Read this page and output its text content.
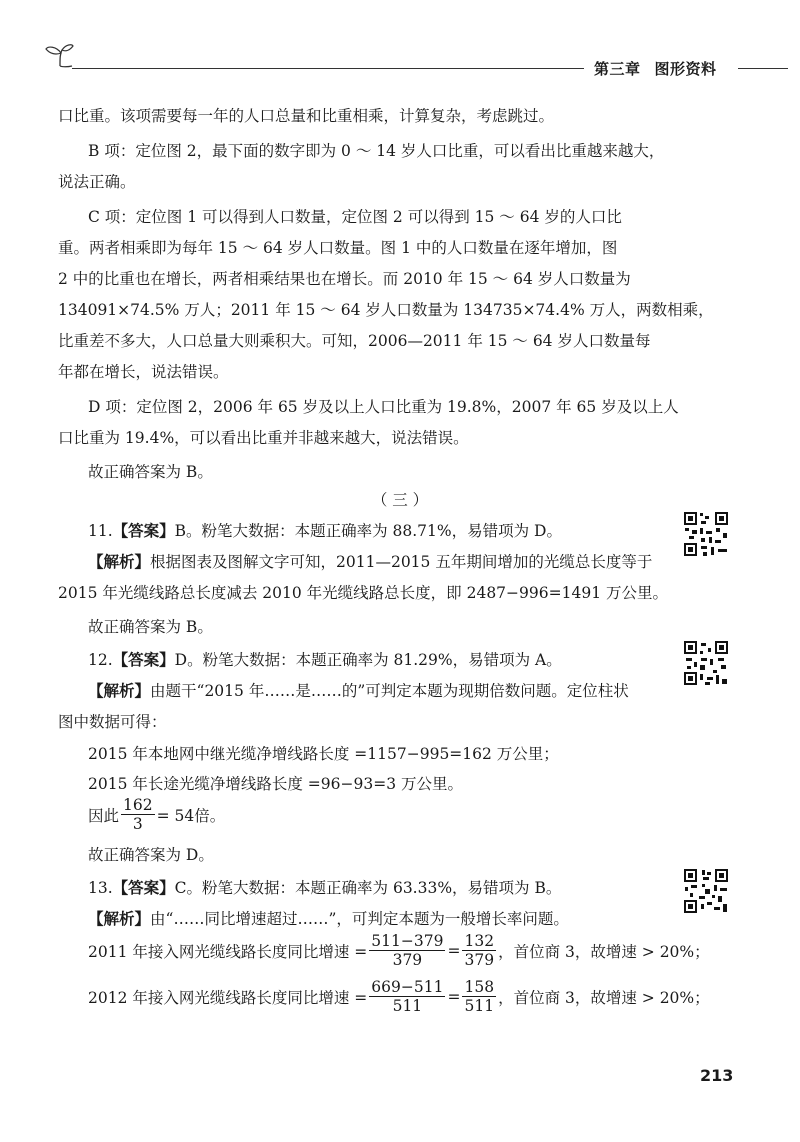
第三章 图形资料
口比重。该项需要每一年的人口总量和比重相乘，计算复杂，考虑跳过。
B 项：定位图 2，最下面的数字即为 0 ～ 14 岁人口比重，可以看出比重越来越大，
说法正确。
C 项：定位图 1 可以得到人口数量，定位图 2 可以得到 15 ～ 64 岁的人口比
重。两者相乘即为每年 15 ～ 64 岁人口数量。图 1 中的人口数量在逐年增加，图
2 中的比重也在增长，两者相乘结果也在增长。而 2010 年 15 ～ 64 岁人口数量为
134091×74.5% 万人；2011 年 15 ～ 64 岁人口数量为 134735×74.4% 万人，两数相乘，
比重差不多大，人口总量大则乘积大。可知，2006—2011 年 15 ～ 64 岁人口数量每
年都在增长，说法错误。
D 项：定位图 2，2006 年 65 岁及以上人口比重为 19.8%，2007 年 65 岁及以上人
口比重为 19.4%，可以看出比重并非越来越大，说法错误。
故正确答案为 B。
（ 三 ）
11.【答案】B。粉笔大数据：本题正确率为 88.71%，易错项为 D。
【解析】根据图表及图解文字可知，2011—2015 五年期间增加的光缆总长度等于
2015 年光缆线路总长度减去 2010 年光缆线路总长度，即 2487−996=1491 万公里。
故正确答案为 B。
12.【答案】D。粉笔大数据：本题正确率为 81.29%，易错项为 A。
【解析】由题干“2015 年……是……的”可判定本题为现期倍数问题。定位柱状
图中数据可得：
2015 年本地网中继光缆净增线路长度 =1157−995=162 万公里；
2015 年长途光缆净增线路长度 =96−93=3 万公里。
因此 $\frac{162}{3} = 54$倍。
故正确答案为 D。
13.【答案】C。粉笔大数据：本题正确率为 63.33%，易错项为 B。
【解析】由“……同比增速超过……”，可判定本题为一般增长率问题。
2011 年接入网光缆线路长度同比增速 = $\frac{511-379}{379} = \frac{132}{379}$ ，首位商 3，故增速 > 20%；
2012 年接入网光缆线路长度同比增速 = $\frac{669-511}{511} = \frac{158}{511}$ ，首位商 3，故增速 > 20%；
213
